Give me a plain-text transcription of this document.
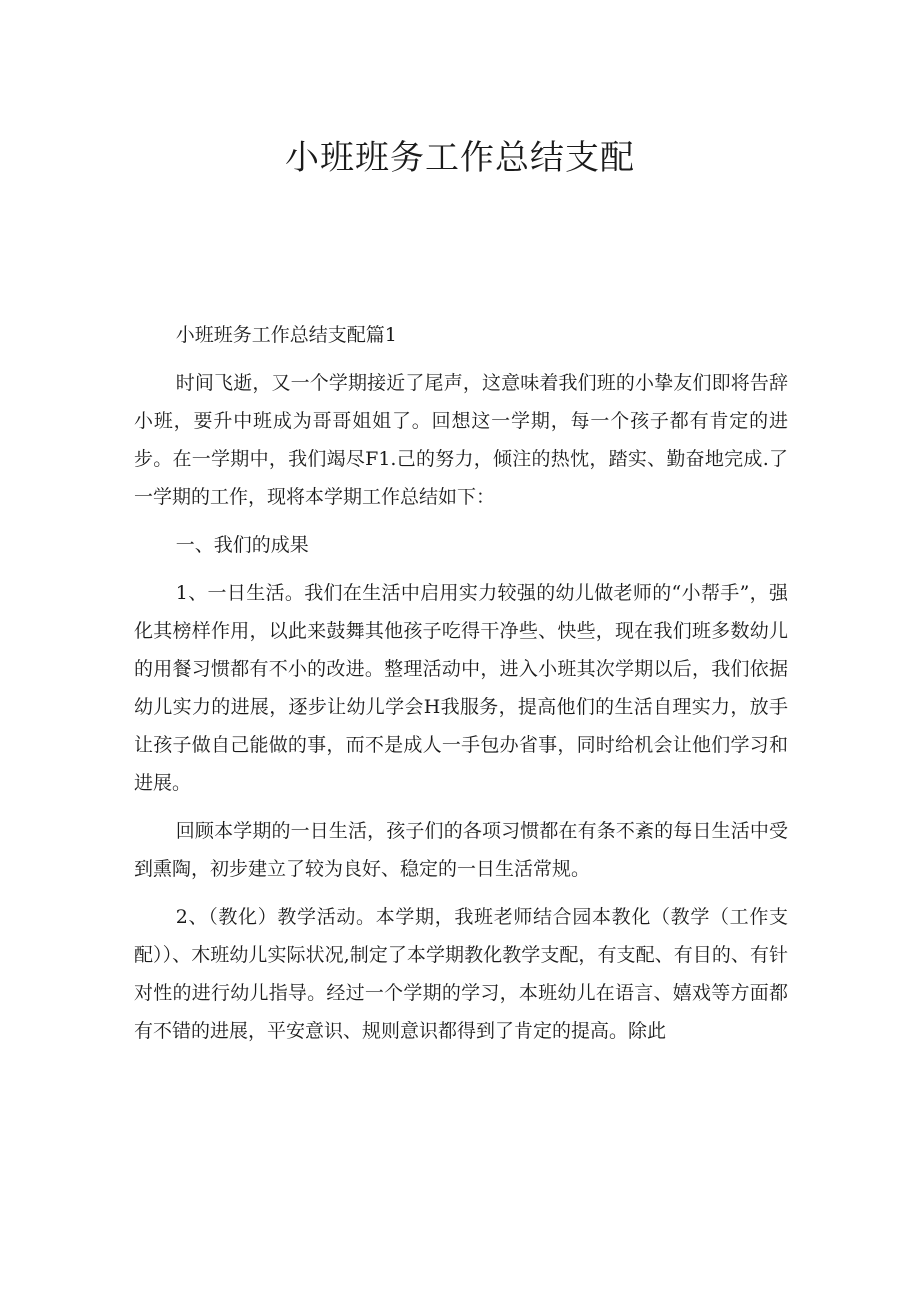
小班班务工作总结支配

小班班务工作总结支配篇1

时间飞逝，又一个学期接近了尾声，这意味着我们班的小挚友们即将告辞小班，要升中班成为哥哥姐姐了。回想这一学期，每一个孩子都有肯定的进步。在一学期中，我们竭尽F1.己的努力，倾注的热忱，踏实、勤奋地完成.了一学期的工作，现将本学期工作总结如下：

一、我们的成果

1、一日生活。我们在生活中启用实力较强的幼儿做老师的“小帮手”，强化其榜样作用，以此来鼓舞其他孩子吃得干净些、快些，现在我们班多数幼儿的用餐习惯都有不小的改进。整理活动中，进入小班其次学期以后，我们依据幼儿实力的进展，逐步让幼儿学会H我服务，提高他们的生活自理实力，放手让孩子做自己能做的事，而不是成人一手包办省事，同时给机会让他们学习和进展。

回顾本学期的一日生活，孩子们的各项习惯都在有条不紊的每日生活中受到熏陶，初步建立了较为良好、稳定的一日生活常规。

2、（教化）教学活动。本学期，我班老师结合园本教化（教学（工作支配））、木班幼儿实际状况,制定了本学期教化教学支配，有支配、有目的、有针对性的进行幼儿指导。经过一个学期的学习，本班幼儿在语言、嬉戏等方面都有不错的进展，平安意识、规则意识都得到了肯定的提高。除此
